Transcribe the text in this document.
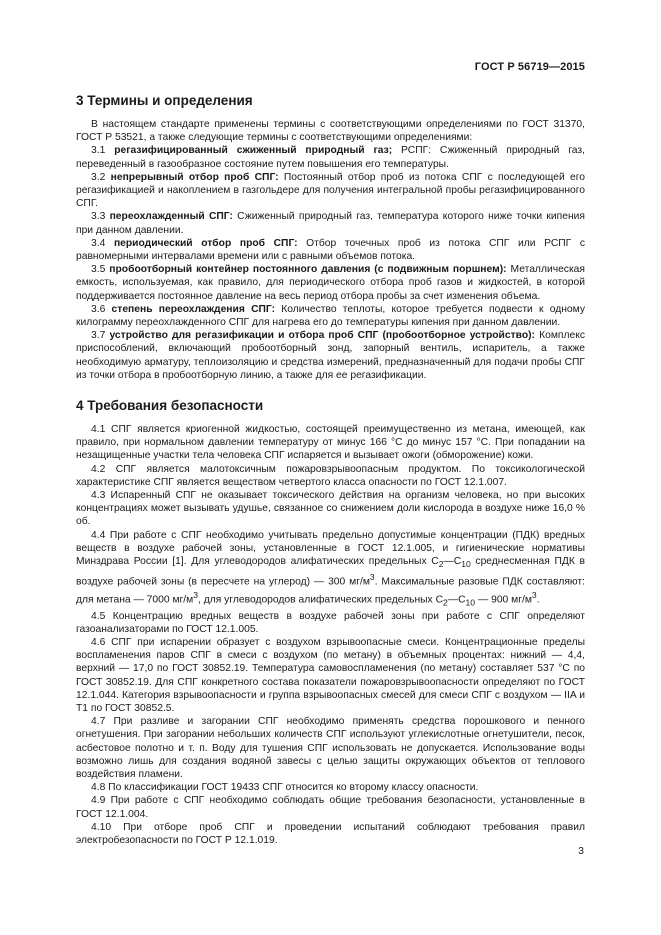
ГОСТ Р 56719—2015
3 Термины и определения

В настоящем стандарте применены термины с соответствующими определениями по ГОСТ 31370, ГОСТ Р 53521, а также следующие термины с соответствующими определениями:

3.1 регазифицированный сжиженный природный газ; РСПГ: Сжиженный природный газ, переведенный в газообразное состояние путем повышения его температуры.

3.2 непрерывный отбор проб СПГ: Постоянный отбор проб из потока СПГ с последующей его регазификацией и накоплением в газгольдере для получения интегральной пробы регазифицированного СПГ.

3.3 переохлажденный СПГ: Сжиженный природный газ, температура которого ниже точки кипения при данном давлении.

3.4 периодический отбор проб СПГ: Отбор точечных проб из потока СПГ или РСПГ с равномерными интервалами времени или с равными объемов потока.

3.5 пробоотборный контейнер постоянного давления (с подвижным поршнем): Металлическая емкость, используемая, как правило, для периодического отбора проб газов и жидкостей, в которой поддерживается постоянное давление на весь период отбора пробы за счет изменения объема.

3.6 степень переохлаждения СПГ: Количество теплоты, которое требуется подвести к одному килограмму переохлажденного СПГ для нагрева его до температуры кипения при данном давлении.

3.7 устройство для регазификации и отбора проб СПГ (пробоотборное устройство): Комплекс приспособлений, включающий пробоотборный зонд, запорный вентиль, испаритель, а также необходимую арматуру, теплоизоляцию и средства измерений, предназначенный для подачи пробы СПГ из точки отбора в пробоотборную линию, а также для ее регазификации.

4 Требования безопасности

4.1 СПГ является криогенной жидкостью, состоящей преимущественно из метана, имеющей, как правило, при нормальном давлении температуру от минус 166 °С до минус 157 °С. При попадании на незащищенные участки тела человека СПГ испаряется и вызывает ожоги (обморожение) кожи.

4.2 СПГ является малотоксичным пожаровзрывоопасным продуктом. По токсикологической характеристике СПГ является веществом четвертого класса опасности по ГОСТ 12.1.007.

4.3 Испаренный СПГ не оказывает токсического действия на организм человека, но при высоких концентрациях может вызывать удушье, связанное со снижением доли кислорода в воздухе ниже 16,0 % об.

4.4 При работе с СПГ необходимо учитывать предельно допустимые концентрации (ПДК) вредных веществ в воздухе рабочей зоны, установленные в ГОСТ 12.1.005, и гигиенические нормативы Минздрава России [1]. Для углеводородов алифатических предельных $С_2—С_{10}$ среднесменная ПДК в воздухе рабочей зоны (в пересчете на углерод) — 300 $мг/м^3$. Максимальные разовые ПДК составляют: для метана — 7000 $мг/м^3$, для углеводородов алифатических предельных $С_2—С_{10}$ — 900 $мг/м^3$.

4.5 Концентрацию вредных веществ в воздухе рабочей зоны при работе с СПГ определяют газоанализаторами по ГОСТ 12.1.005.

4.6 СПГ при испарении образует с воздухом взрывоопасные смеси. Концентрационные пределы воспламенения паров СПГ в смеси с воздухом (по метану) в объемных процентах: нижний — 4,4, верхний — 17,0 по ГОСТ 30852.19. Температура самовоспламенения (по метану) составляет 537 °С по ГОСТ 30852.19. Для СПГ конкретного состава показатели пожаровзрывоопасности определяют по ГОСТ 12.1.044. Категория взрывоопасности и группа взрывоопасных смесей для смеси СПГ с воздухом — IIA и T1 по ГОСТ 30852.5.

4.7 При разливе и загорании СПГ необходимо применять средства порошкового и пенного огнетушения. При загорании небольших количеств СПГ используют углекислотные огнетушители, песок, асбестовое полотно и т. п. Воду для тушения СПГ использовать не допускается. Использование воды возможно лишь для создания водяной завесы с целью защиты окружающих объектов от теплового воздействия пламени.

4.8 По классификации ГОСТ 19433 СПГ относится ко второму классу опасности.

4.9 При работе с СПГ необходимо соблюдать общие требования безопасности, установленные в ГОСТ 12.1.004.

4.10 При отборе проб СПГ и проведении испытаний соблюдают требования правил электробезопасности по ГОСТ Р 12.1.019.

3
